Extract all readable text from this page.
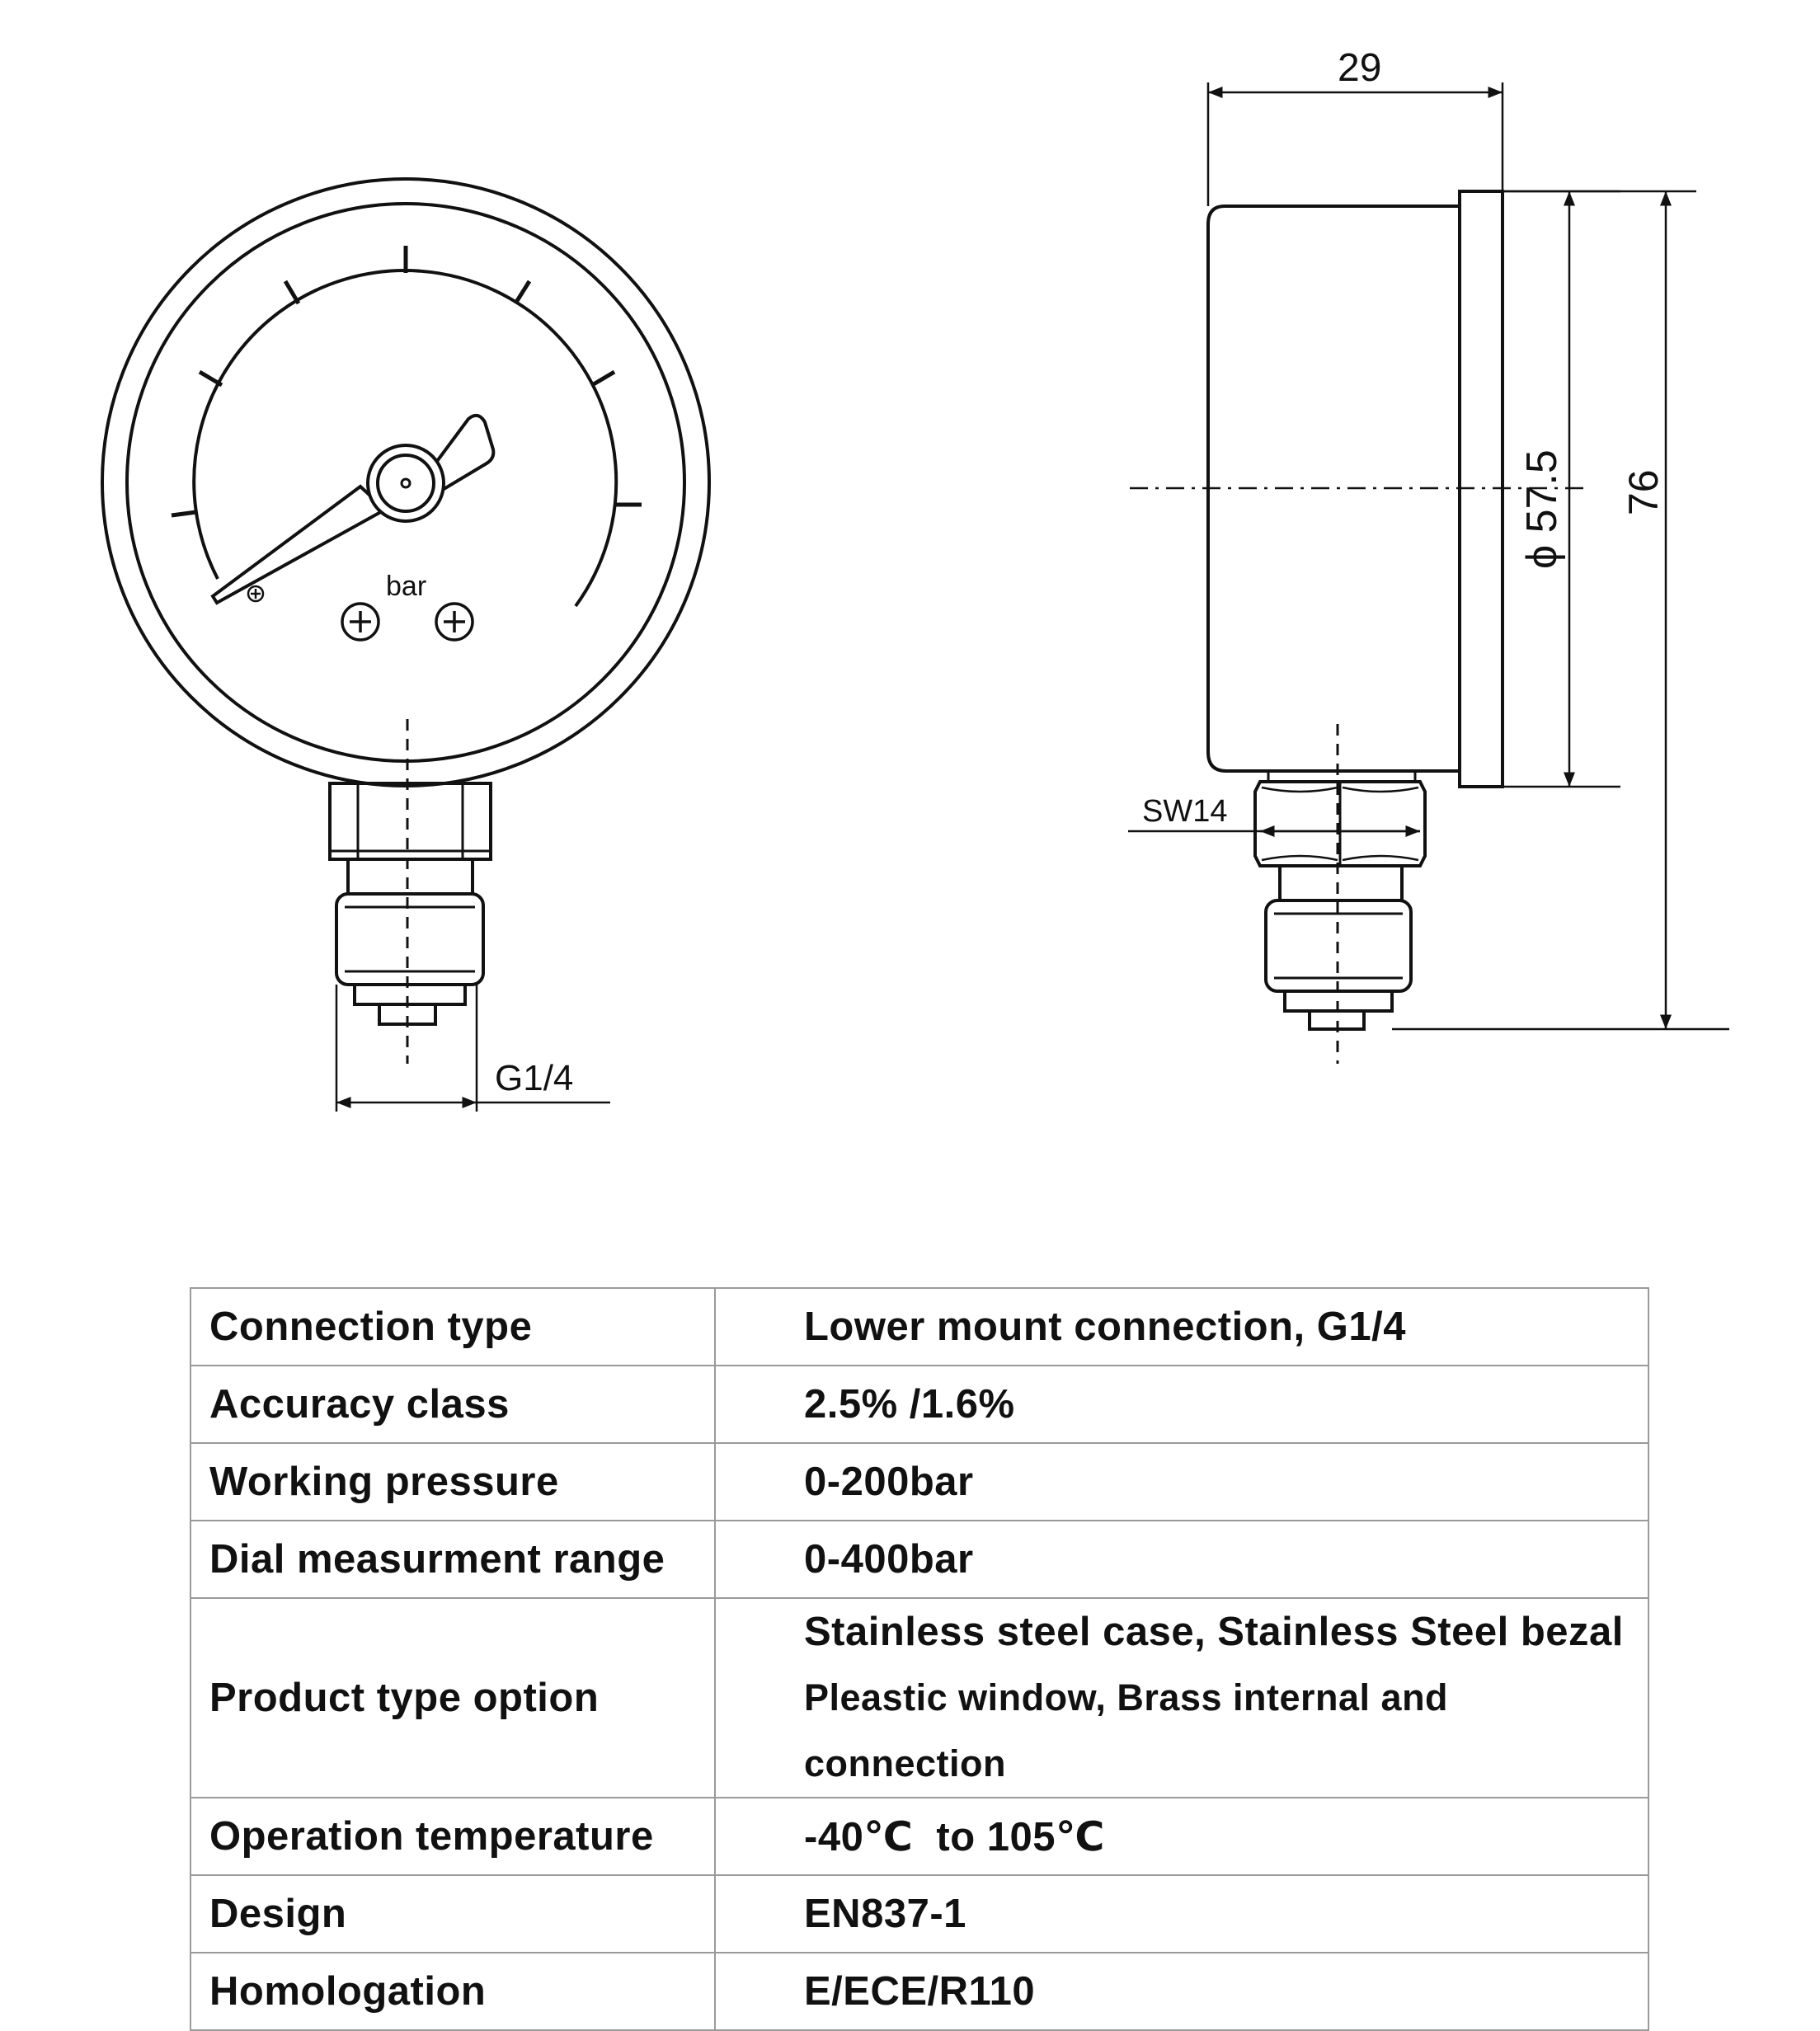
bar
G1/4
29
ϕ 57.5 76
SW14
Connection type	Lower mount connection, G1/4
Accuracy class	2.5% /1.6%
Working pressure	0-200bar
Dial measurment range	0-400bar
Product type option	Stainless steel case, Stainless Steel bezal
Pleastic window, Brass internal and connection

Operation temperature	-40℃  to 105℃
Design	EN837-1
Homologation	E/ECE/R110
